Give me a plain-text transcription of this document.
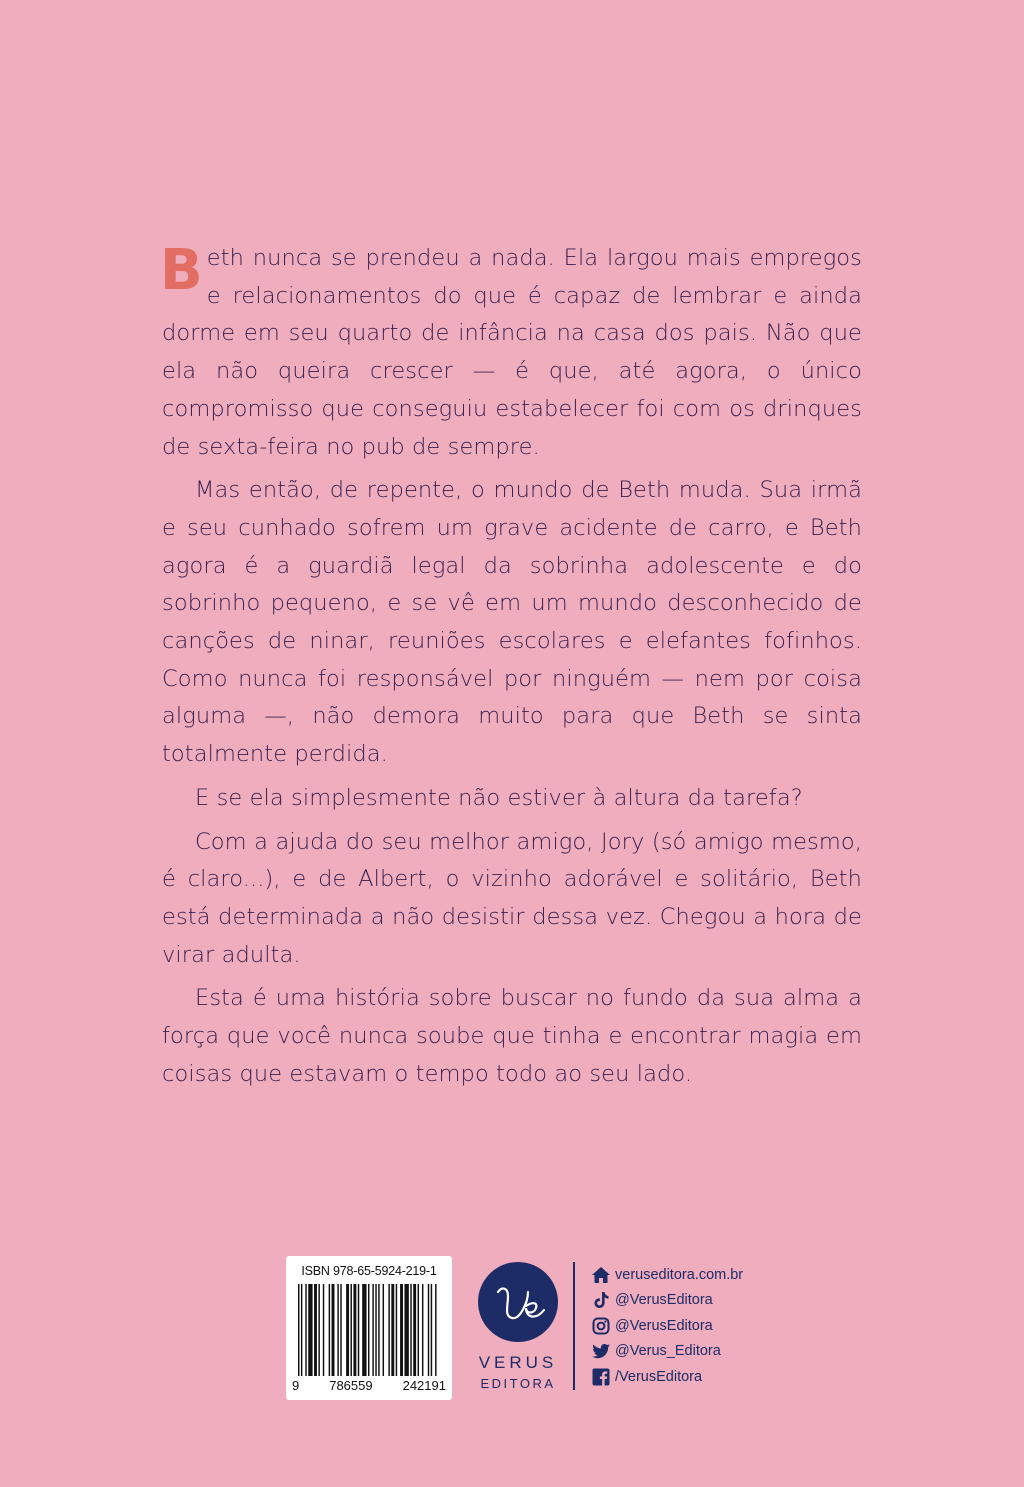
Beth nunca se prendeu a nada. Ela largou mais empregos e relacionamentos do que é capaz de lembrar e ainda dorme em seu quarto de infância na casa dos pais. Não que ela não queira crescer — é que, até agora, o único compromisso que conseguiu estabelecer foi com os drinques de sexta-feira no pub de sempre.

Mas então, de repente, o mundo de Beth muda. Sua irmã e seu cunhado sofrem um grave acidente de carro, e Beth agora é a guardiã legal da sobrinha adolescente e do sobrinho pequeno, e se vê em um mundo desconhecido de canções de ninar, reuniões escolares e elefantes fofinhos. Como nunca foi responsável por ninguém — nem por coisa alguma —, não demora muito para que Beth se sinta totalmente perdida.

E se ela simplesmente não estiver à altura da tarefa?

Com a ajuda do seu melhor amigo, Jory (só amigo mesmo, é claro...), e de Albert, o vizinho adorável e solitário, Beth está determinada a não desistir dessa vez. Chegou a hora de virar adulta.

Esta é uma história sobre buscar no fundo da sua alma a força que você nunca soube que tinha e encontrar magia em coisas que estavam o tempo todo ao seu lado.

ISBN 978-65-5924-219-1
9 786559 242191
VERUS
EDITORA
veruseditora.com.br
@VerusEditora
@VerusEditora
@Verus_Editora
/VerusEditora
